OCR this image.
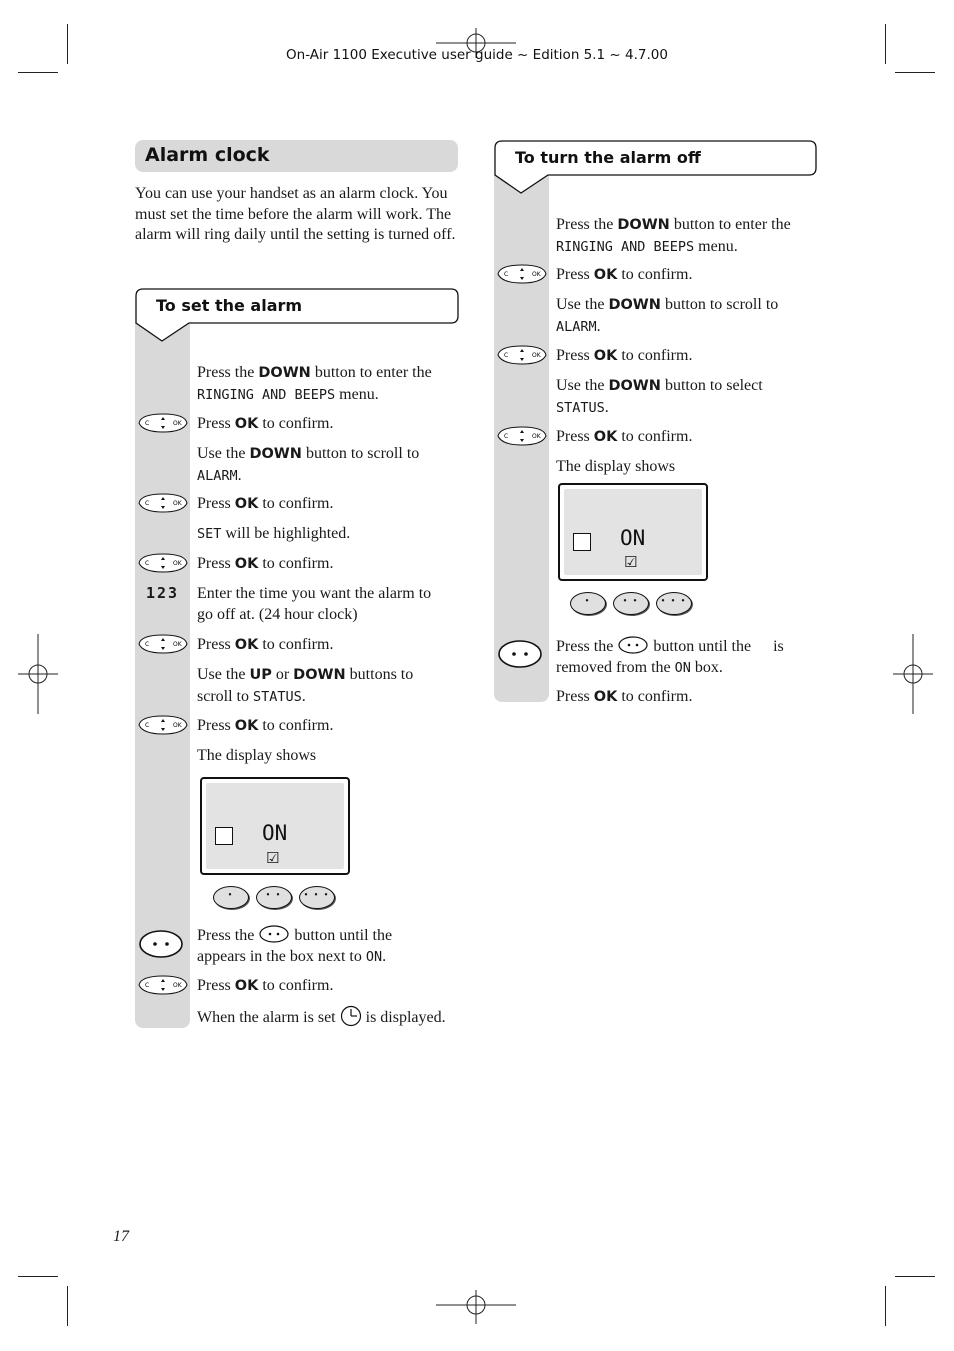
On-Air 1100 Executive user guide ~ Edition 5.1 ~ 4.7.00
Alarm clock
You can use your handset as an alarm clock. You must set the time before the alarm will work. The alarm will ring daily until the setting is turned off.
To set the alarm
Press the DOWN button to enter the
RINGING AND BEEPS menu.
C	OK Press OK to confirm.
Use the DOWN button to scroll to
ALARM.
C	OK Press OK to confirm.
SET will be highlighted.
C	OK Press OK to confirm.
123 Enter the time you want the alarm to
go off at. (24 hour clock)
C	OK Press OK to confirm.
Use the UP or DOWN buttons to
scroll to STATUS.
C	OK Press OK to confirm.
The display shows
ON
☑
•	• •	• • •
Press the  button until the
appears in the box next to ON.
C	OK Press OK to confirm.
When the alarm is set  is displayed.
To turn the alarm off
Press the DOWN button to enter the
RINGING AND BEEPS menu.
C	OK Press OK to confirm.
Use the DOWN button to scroll to
ALARM.
C	OK Press OK to confirm.
Use the DOWN button to select
STATUS.
C	OK Press OK to confirm.
The display shows
ON
☑
•	• •	• • •
Press the  button until the is
removed from the ON box.
Press OK to confirm.
17
